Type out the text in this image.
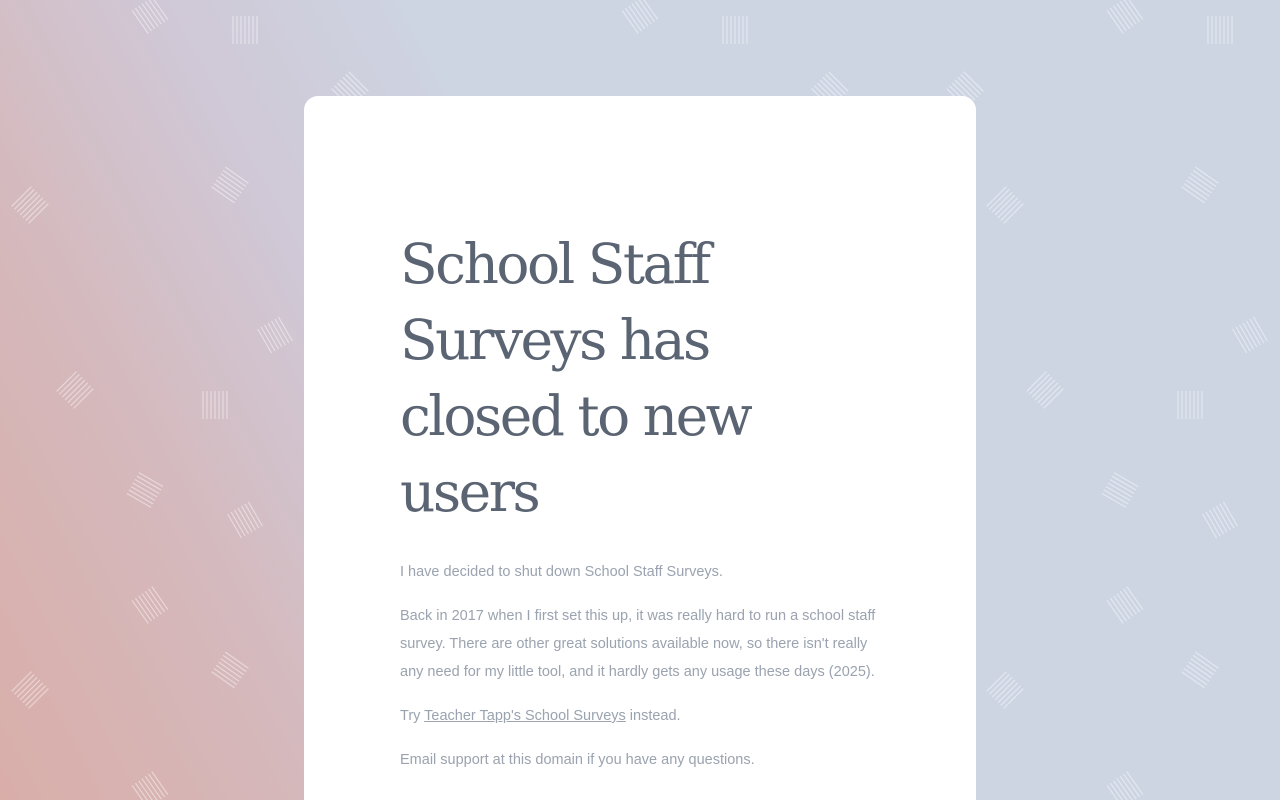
School Staff Surveys has closed to new users

I have decided to shut down School Staff Surveys.

Back in 2017 when I first set this up, it was really hard to run a school staff survey. There are other great solutions available now, so there isn't really any need for my little tool, and it hardly gets any usage these days (2025).

Try Teacher Tapp's School Surveys instead.

Email support at this domain if you have any questions.
